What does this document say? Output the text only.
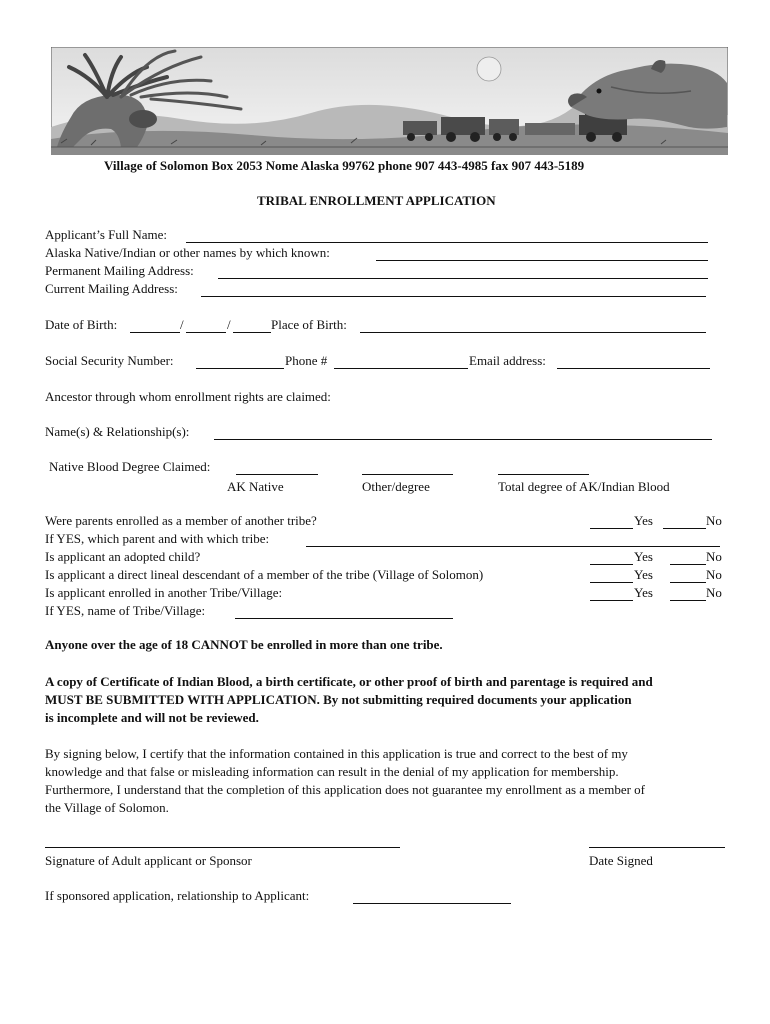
Village of Solomon Box 2053 Nome Alaska 99762 phone 907 443-4985 fax 907 443-5189
TRIBAL ENROLLMENT APPLICATION
Applicant’s Full Name:
Alaska Native/Indian or other names by which known:
Permanent Mailing Address:
Current Mailing Address:
Date of Birth:	/	/	Place of Birth:
Social Security Number:	Phone #	Email address:
Ancestor through whom enrollment rights are claimed:
Name(s) & Relationship(s):
Native Blood Degree Claimed:
AK Native	Other/degree	Total degree of AK/Indian Blood
Were parents enrolled as a member of another tribe?	Yes	No
If YES, which parent and with which tribe:
Is applicant an adopted child?	Yes	No
Is applicant a direct lineal descendant of a member of the tribe (Village of Solomon)	Yes	No
Is applicant enrolled in another Tribe/Village:	Yes	No
If YES, name of Tribe/Village:
Anyone over the age of 18 CANNOT be enrolled in more than one tribe.
A copy of Certificate of Indian Blood, a birth certificate, or other proof of birth and parentage is required and
MUST BE SUBMITTED WITH APPLICATION. By not submitting required documents your application
is incomplete and will not be reviewed.
By signing below, I certify that the information contained in this application is true and correct to the best of my
knowledge and that false or misleading information can result in the denial of my application for membership.
Furthermore, I understand that the completion of this application does not guarantee my enrollment as a member of
the Village of Solomon.
Signature of Adult applicant or Sponsor	Date Signed
If sponsored application, relationship to Applicant:
